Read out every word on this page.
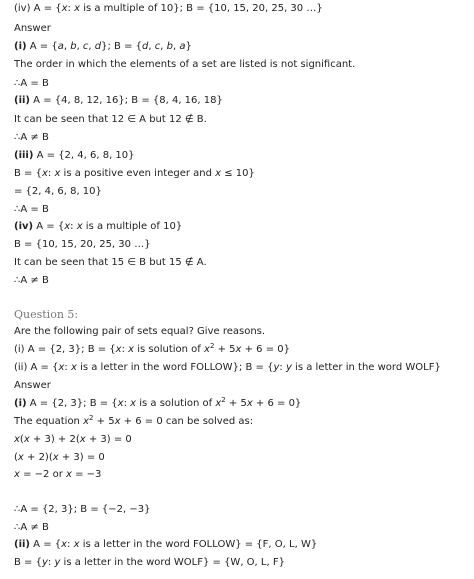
(iv) A = {x: x is a multiple of 10}; B = {10, 15, 20, 25, 30 …}
Answer
(i) A = {a, b, c, d}; B = {d, c, b, a}
The order in which the elements of a set are listed is not significant.
∴A = B
(ii) A = {4, 8, 12, 16}; B = {8, 4, 16, 18}
It can be seen that 12 ∈ A but 12 ∉ B.
∴A ≠ B
(iii) A = {2, 4, 6, 8, 10}
B = {x: x is a positive even integer and x ≤ 10}
= {2, 4, 6, 8, 10}
∴A = B
(iv) A = {x: x is a multiple of 10}
B = {10, 15, 20, 25, 30 …}
It can be seen that 15 ∈ B but 15 ∉ A.
∴A ≠ B
Question 5:
Are the following pair of sets equal? Give reasons.
(i) A = {2, 3}; B = {x: x is solution of $x^2 + 5x + 6 = 0$}
(ii) A = {x: x is a letter in the word FOLLOW}; B = {y: y is a letter in the word WOLF}
Answer
(i) A = {2, 3}; B = {x: x is a solution of $x^2 + 5x + 6 = 0$}
The equation $x^2 + 5x + 6 = 0$ can be solved as:
x(x + 3) + 2(x + 3) = 0
(x + 2)(x + 3) = 0
x = −2 or x = −3
∴A = {2, 3}; B = {−2, −3}
∴A ≠ B
(ii) A = {x: x is a letter in the word FOLLOW} = {F, O, L, W}
B = {y: y is a letter in the word WOLF} = {W, O, L, F}
